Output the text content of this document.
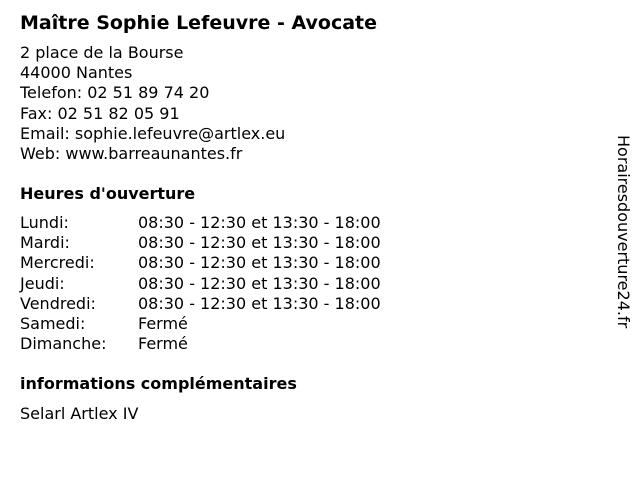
Maître Sophie Lefeuvre - Avocate
2 place de la Bourse
44000 Nantes
Telefon: 02 51 89 74 20
Fax: 02 51 82 05 91
Email: sophie.lefeuvre@artlex.eu
Web: www.barreaunantes.fr
Heures d'ouverture
Lundi:	08:30 - 12:30 et 13:30 - 18:00
Mardi:	08:30 - 12:30 et 13:30 - 18:00
Mercredi:	08:30 - 12:30 et 13:30 - 18:00
Jeudi:	08:30 - 12:30 et 13:30 - 18:00
Vendredi:	08:30 - 12:30 et 13:30 - 18:00
Samedi:	Fermé
Dimanche: Fermé
informations complémentaires
Selarl Artlex IV
Horairesdouverture24.fr
